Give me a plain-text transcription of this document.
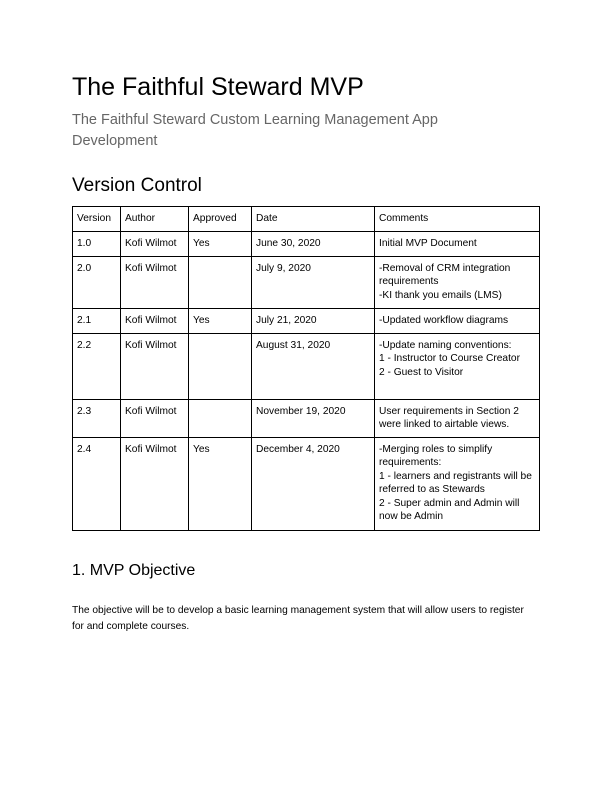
The Faithful Steward MVP

The Faithful Steward Custom Learning Management App Development

Version Control
Version	Author	Approved	Date	Comments
1.0	Kofi Wilmot	Yes	June 30, 2020	Initial MVP Document
2.0	Kofi Wilmot		July 9, 2020	-Removal of CRM integration requirements
-KI thank you emails (LMS)
2.1	Kofi Wilmot	Yes	July 21, 2020	-Updated workflow diagrams
2.2	Kofi Wilmot		August 31, 2020	-Update naming conventions:
1 - Instructor to Course Creator
2 - Guest to Visitor
2.3	Kofi Wilmot		November 19, 2020	User requirements in Section 2 were linked to airtable views.
2.4	Kofi Wilmot	Yes	December 4, 2020	-Merging roles to simplify requirements:
1 - learners and registrants will be referred to as Stewards
2 - Super admin and Admin will now be Admin
1. MVP Objective

The objective will be to develop a basic learning management system that will allow users to register for and complete courses.
